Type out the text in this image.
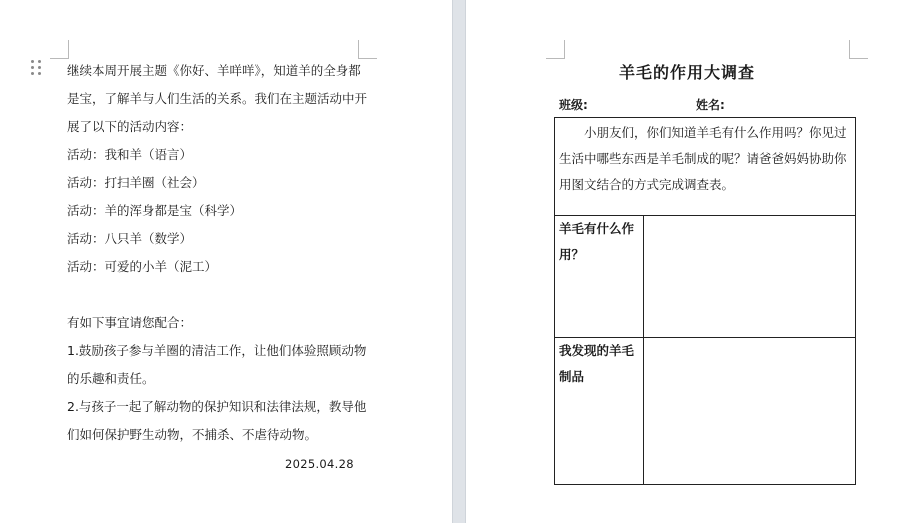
继续本周开展主题《你好、羊咩咩》，知道羊的全身都是宝，了解羊与人们生活的关系。我们在主题活动中开展了以下的活动内容：

活动：我和羊（语言）

活动：打扫羊圈（社会）

活动：羊的浑身都是宝（科学）

活动：八只羊（数学）

活动：可爱的小羊（泥工）

有如下事宜请您配合：

1.鼓励孩子参与羊圈的清洁工作，让他们体验照顾动物的乐趣和责任。

2.与孩子一起了解动物的保护知识和法律法规，教导他们如何保护野生动物，不捕杀、不虐待动物。

2025.04.28
班级:	姓名:
小朋友们，你们知道羊毛有什么作用吗？你见过生活中哪些东西是羊毛制成的呢？请爸爸妈妈协助你用图文结合的方式完成调查表。
羊毛有什么作用？
我发现的羊毛制品
羊毛的作用大调查
